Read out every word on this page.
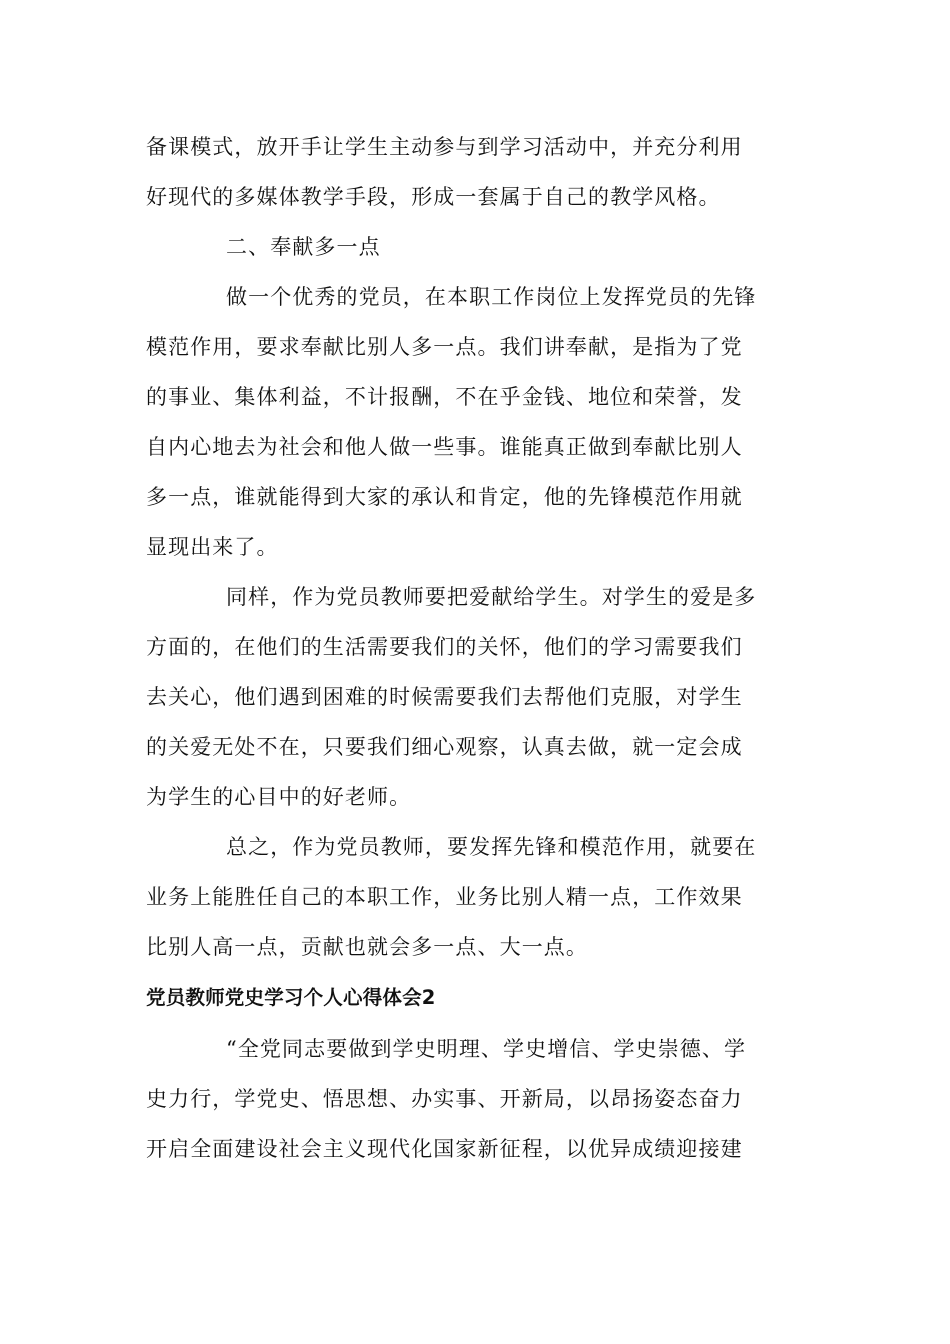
备课模式，放开手让学生主动参与到学习活动中，并充分利用
好现代的多媒体教学手段，形成一套属于自己的教学风格。
二、奉献多一点
做一个优秀的党员，在本职工作岗位上发挥党员的先锋
模范作用，要求奉献比别人多一点。我们讲奉献，是指为了党
的事业、集体利益，不计报酬，不在乎金钱、地位和荣誉，发
自内心地去为社会和他人做一些事。谁能真正做到奉献比别人
多一点，谁就能得到大家的承认和肯定，他的先锋模范作用就
显现出来了。
同样，作为党员教师要把爱献给学生。对学生的爱是多
方面的，在他们的生活需要我们的关怀，他们的学习需要我们
去关心，他们遇到困难的时候需要我们去帮他们克服，对学生
的关爱无处不在，只要我们细心观察，认真去做，就一定会成
为学生的心目中的好老师。
总之，作为党员教师，要发挥先锋和模范作用，就要在
业务上能胜任自己的本职工作，业务比别人精一点，工作效果
比别人高一点，贡献也就会多一点、大一点。
党员教师党史学习个人心得体会2
“全党同志要做到学史明理、学史增信、学史崇德、学
史力行，学党史、悟思想、办实事、开新局，以昂扬姿态奋力
开启全面建设社会主义现代化国家新征程，以优异成绩迎接建
